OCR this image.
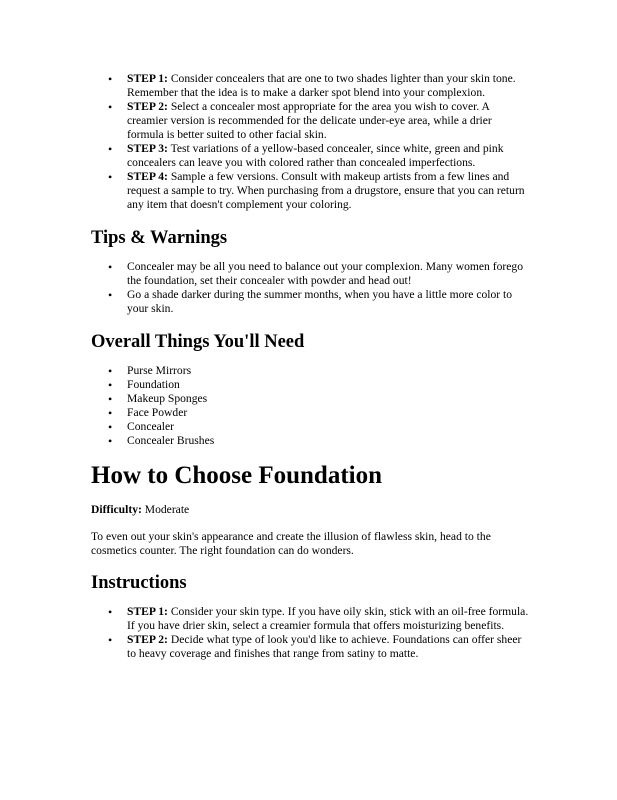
• STEP 1: Consider concealers that are one to two shades lighter than your skin tone. Remember that the idea is to make a darker spot blend into your complexion.
• STEP 2: Select a concealer most appropriate for the area you wish to cover. A creamier version is recommended for the delicate under-eye area, while a drier formula is better suited to other facial skin.
• STEP 3: Test variations of a yellow-based concealer, since white, green and pink concealers can leave you with colored rather than concealed imperfections.
• STEP 4: Sample a few versions. Consult with makeup artists from a few lines and request a sample to try. When purchasing from a drugstore, ensure that you can return any item that doesn't complement your coloring.
Tips & Warnings
• Concealer may be all you need to balance out your complexion. Many women forego the foundation, set their concealer with powder and head out!
• Go a shade darker during the summer months, when you have a little more color to your skin.
Overall Things You'll Need
• Purse Mirrors
• Foundation
• Makeup Sponges
• Face Powder
• Concealer
• Concealer Brushes
How to Choose Foundation

Difficulty: Moderate

To even out your skin's appearance and create the illusion of flawless skin, head to the cosmetics counter. The right foundation can do wonders.

Instructions
• STEP 1: Consider your skin type. If you have oily skin, stick with an oil-free formula. If you have drier skin, select a creamier formula that offers moisturizing benefits.
• STEP 2: Decide what type of look you'd like to achieve. Foundations can offer sheer to heavy coverage and finishes that range from satiny to matte.
